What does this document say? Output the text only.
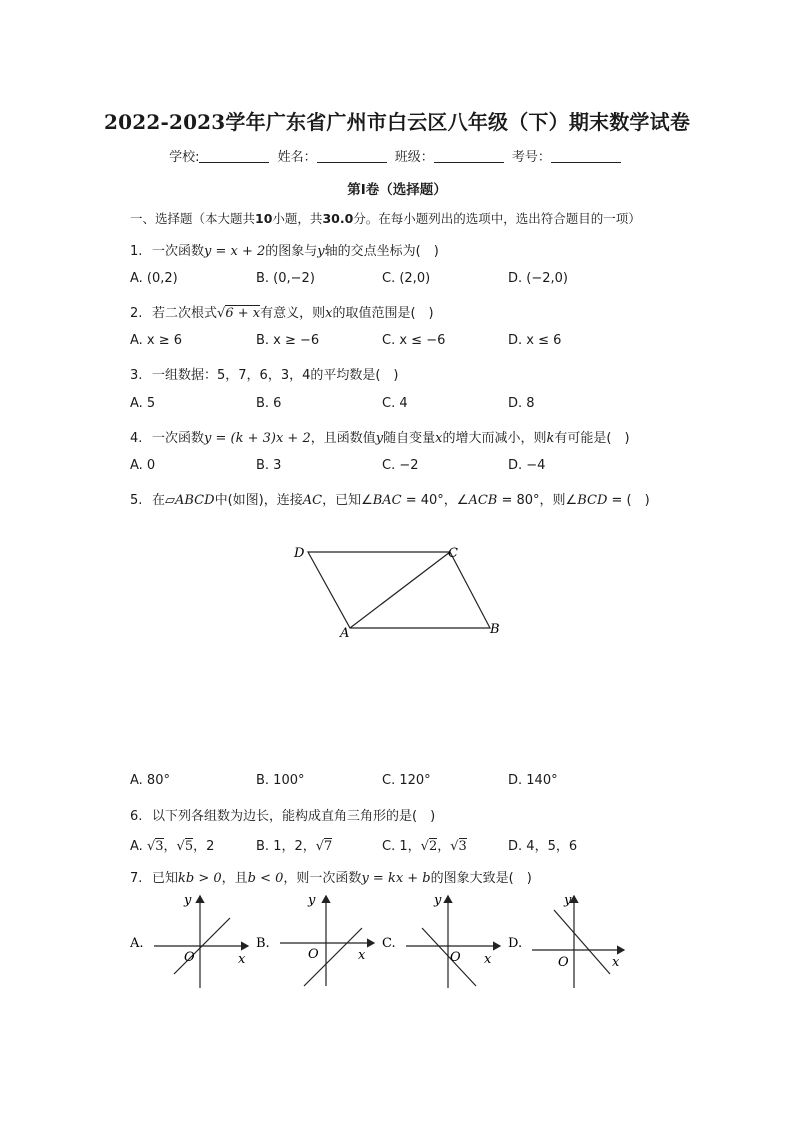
2022-2023学年广东省广州市白云区八年级（下）期末数学试卷
学校:	姓名：	班级：	考号：
第Ⅰ卷（选择题）
一、选择题（本大题共10小题，共30.0分。在每小题列出的选项中，选出符合题目的一项）
1. 一次函数y = x + 2的图象与y轴的交点坐标为(　)
A. (0,2)	B. (0,−2)	C. (2,0)	D. (−2,0)
2. 若二次根式√6 + x有意义，则x的取值范围是(　)
A. x ≥ 6	B. x ≥ −6	C. x ≤ −6	D. x ≤ 6
3. 一组数据：5，7，6，3，4的平均数是(　)
A. 5	B. 6	C. 4	D. 8
4. 一次函数y = (k + 3)x + 2，且函数值y随自变量x的增大而减小，则k有可能是(　)
A. 0	B. 3	C. −2	D. −4
5. 在▱ABCD中(如图)，连接AC，已知∠BAC = 40°，∠ACB = 80°，则∠BCD = (　)
D	C
A	B
A. 80°	B. 100°	C. 120°	D. 140°
6. 以下列各组数为边长，能构成直角三角形的是(　)
A. √3，√5，2	B. 1，2，√7	C. 1，√2，√3	D. 4，5，6
7. 已知kb > 0，且b < 0，则一次函数y = kx + b的图象大致是(　)
A.
x
y
O
B.
x
y
O
C.
x
y
O
D.
x
y
O
